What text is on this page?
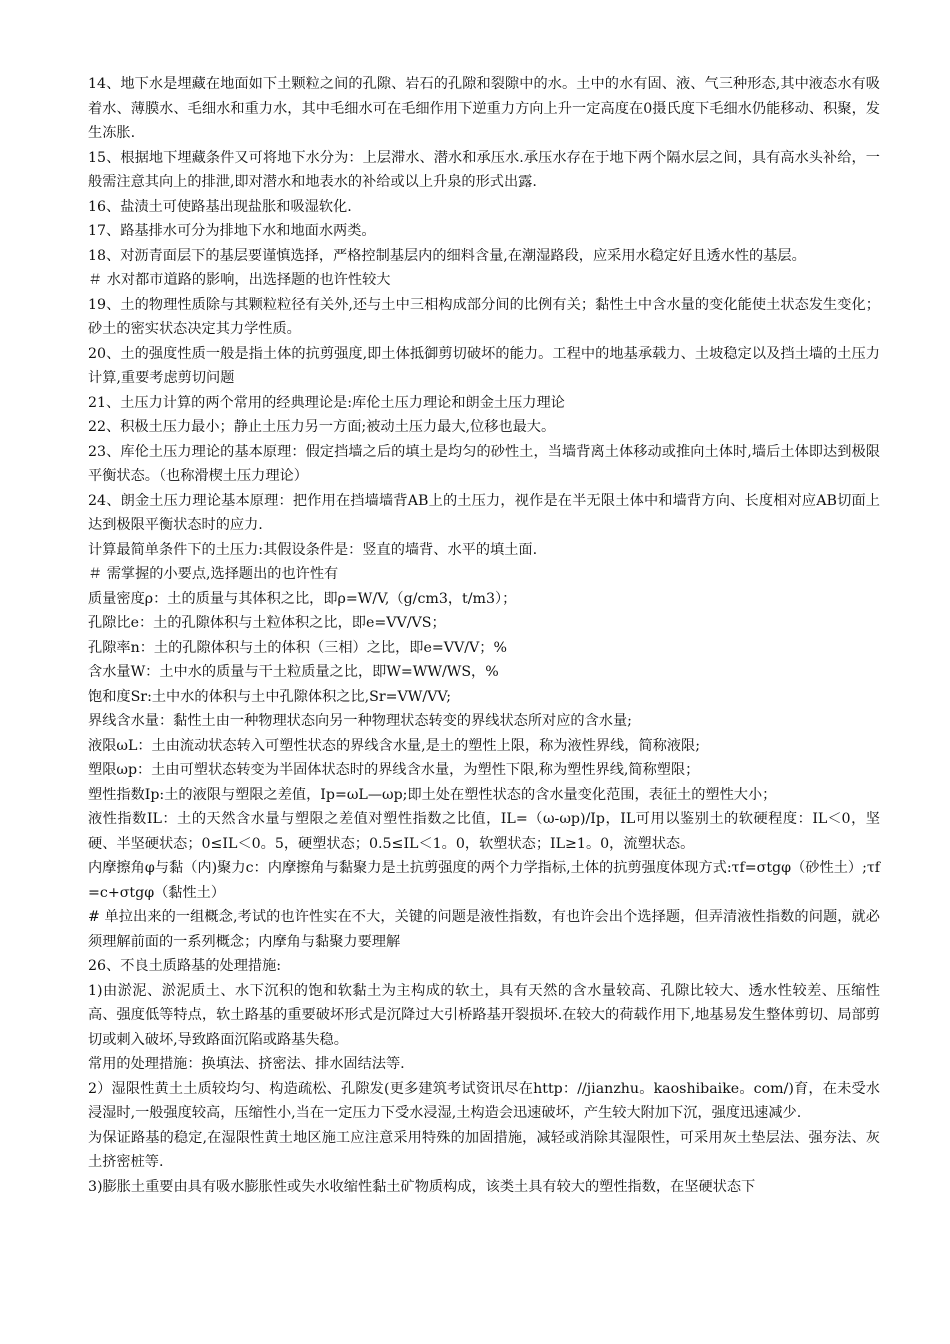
14、地下水是埋藏在地面如下土颗粒之间的孔隙、岩石的孔隙和裂隙中的水。土中的水有固、液、气三种形态,其中液态水有吸着水、薄膜水、毛细水和重力水，其中毛细水可在毛细作用下逆重力方向上升一定高度在0摄氏度下毛细水仍能移动、积聚，发生冻胀.

15、根据地下埋藏条件又可将地下水分为：上层滞水、潜水和承压水.承压水存在于地下两个隔水层之间，具有高水头补给，一般需注意其向上的排泄,即对潜水和地表水的补给或以上升泉的形式出露.

16、盐渍土可使路基出现盐胀和吸湿软化.

17、路基排水可分为排地下水和地面水两类。

18、对沥青面层下的基层要谨慎选择，严格控制基层内的细料含量,在潮湿路段，应采用水稳定好且透水性的基层。

＃ 水对都市道路的影响，出选择题的也许性较大

19、土的物理性质除与其颗粒粒径有关外,还与土中三相构成部分间的比例有关；黏性土中含水量的变化能使土状态发生变化；砂土的密实状态决定其力学性质。

20、土的强度性质一般是指土体的抗剪强度,即土体抵御剪切破坏的能力。工程中的地基承载力、土坡稳定以及挡土墙的土压力计算,重要考虑剪切问题

21、土压力计算的两个常用的经典理论是:库伦土压力理论和朗金土压力理论

22、积极土压力最小；静止土压力另一方面;被动土压力最大,位移也最大。

23、库伦土压力理论的基本原理：假定挡墙之后的填土是均匀的砂性土，当墙背离土体移动或推向土体时,墙后土体即达到极限平衡状态。（也称滑楔土压力理论）

24、朗金土压力理论基本原理：把作用在挡墙墙背AB上的土压力，视作是在半无限土体中和墙背方向、长度相对应AB切面上达到极限平衡状态时的应力.

计算最简单条件下的土压力:其假设条件是：竖直的墙背、水平的填土面.

＃ 需掌握的小要点,选择题出的也许性有

质量密度ρ：土的质量与其体积之比，即ρ=W/V,（g/cm3，t/m3）；

孔隙比e：土的孔隙体积与土粒体积之比，即e=VV/VS；

孔隙率n：土的孔隙体积与土的体积（三相）之比，即e=VV/V；%

含水量W：土中水的质量与干土粒质量之比，即W=WW/WS，%

饱和度Sr:土中水的体积与土中孔隙体积之比,Sr=VW/VV;

界线含水量：黏性土由一种物理状态向另一种物理状态转变的界线状态所对应的含水量;

液限ωL：土由流动状态转入可塑性状态的界线含水量,是土的塑性上限，称为液性界线，简称液限;

塑限ωp：土由可塑状态转变为半固体状态时的界线含水量，为塑性下限,称为塑性界线,简称塑限；

塑性指数Ip:土的液限与塑限之差值，Ip=ωL—ωp;即土处在塑性状态的含水量变化范围，表征土的塑性大小；

液性指数IL：土的天然含水量与塑限之差值对塑性指数之比值，IL=（ω-ωp)/Ip，IL可用以鉴别土的软硬程度：IL＜0，坚硬、半坚硬状态；0≤IL＜0。5，硬塑状态；0.5≤IL＜1。0，软塑状态；IL≥1。0，流塑状态。

内摩擦角φ与黏（内)聚力c：内摩擦角与黏聚力是土抗剪强度的两个力学指标,土体的抗剪强度体现方式:τf=σtgφ（砂性土）;τf=c+σtgφ（黏性土）

# 单拉出来的一组概念,考试的也许性实在不大，关键的问题是液性指数，有也许会出个选择题，但弄清液性指数的问题，就必须理解前面的一系列概念；内摩角与黏聚力要理解

26、不良土质路基的处理措施:

1)由淤泥、淤泥质土、水下沉积的饱和软黏土为主构成的软土，具有天然的含水量较高、孔隙比较大、透水性较差、压缩性高、强度低等特点，软土路基的重要破坏形式是沉降过大引桥路基开裂损坏.在较大的荷载作用下,地基易发生整体剪切、局部剪切或刺入破坏,导致路面沉陷或路基失稳。

常用的处理措施：换填法、挤密法、排水固结法等.

2）湿限性黄土土质较均匀、构造疏松、孔隙发(更多建筑考试资讯尽在http：//jianzhu。kaoshibaike。com/)育，在未受水浸湿时,一般强度较高，压缩性小,当在一定压力下受水浸湿,土构造会迅速破坏，产生较大附加下沉，强度迅速减少.

为保证路基的稳定,在湿限性黄土地区施工应注意采用特殊的加固措施，减轻或消除其湿限性，可采用灰土垫层法、强夯法、灰土挤密桩等.

3)膨胀土重要由具有吸水膨胀性或失水收缩性黏土矿物质构成，该类土具有较大的塑性指数，在坚硬状态下
